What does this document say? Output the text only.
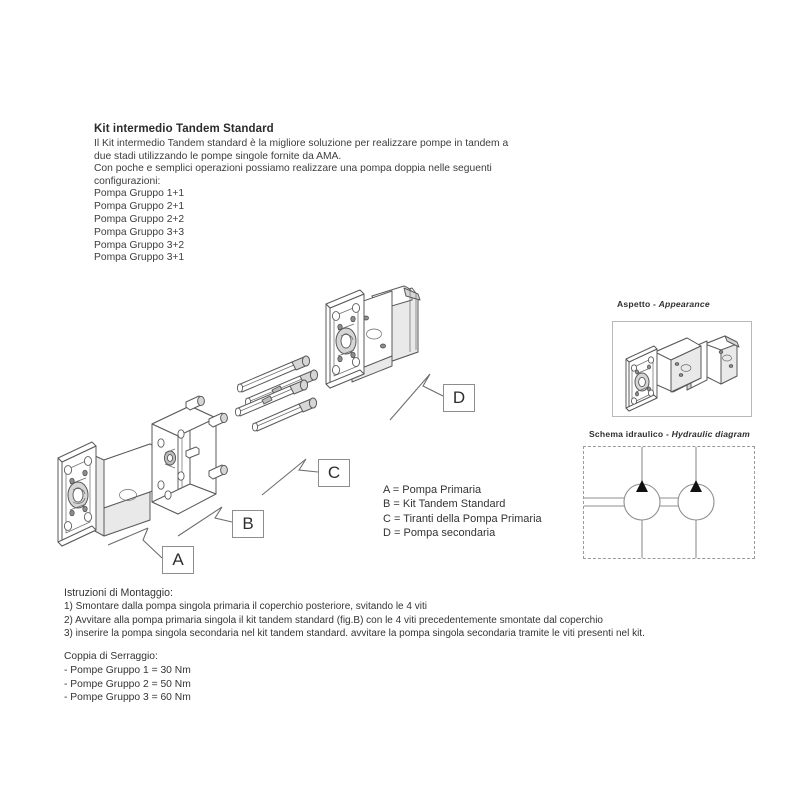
Kit intermedio Tandem Standard
Il Kit intermedio Tandem standard è la migliore soluzione per realizzare pompe in tandem a due stadi utilizzando le pompe singole fornite da AMA.
Con poche e semplici operazioni possiamo realizzare una pompa doppia nelle seguenti configurazioni:
Pompa Gruppo 1+1
Pompa Gruppo 2+1
Pompa Gruppo 2+2
Pompa Gruppo 3+3
Pompa Gruppo 3+2
Pompa Gruppo 3+1
A
B
C
D
A = Pompa Primaria
B = Kit Tandem Standard
C = Tiranti della Pompa Primaria
D = Pompa secondaria
Aspetto - Appearance
Schema idraulico - Hydraulic diagram
Istruzioni di Montaggio:
1) Smontare dalla pompa singola primaria il coperchio posteriore, svitando le 4 viti
2) Avvitare alla pompa primaria singola il kit tandem standard (fig.B) con le 4 viti precedentemente smontate dal coperchio
3) inserire la pompa singola secondaria nel kit tandem standard. avvitare la pompa singola secondaria tramite le viti presenti nel kit.
Coppia di Serraggio:
- Pompe Gruppo 1 = 30 Nm
- Pompe Gruppo 2 = 50 Nm
- Pompe Gruppo 3 = 60 Nm
